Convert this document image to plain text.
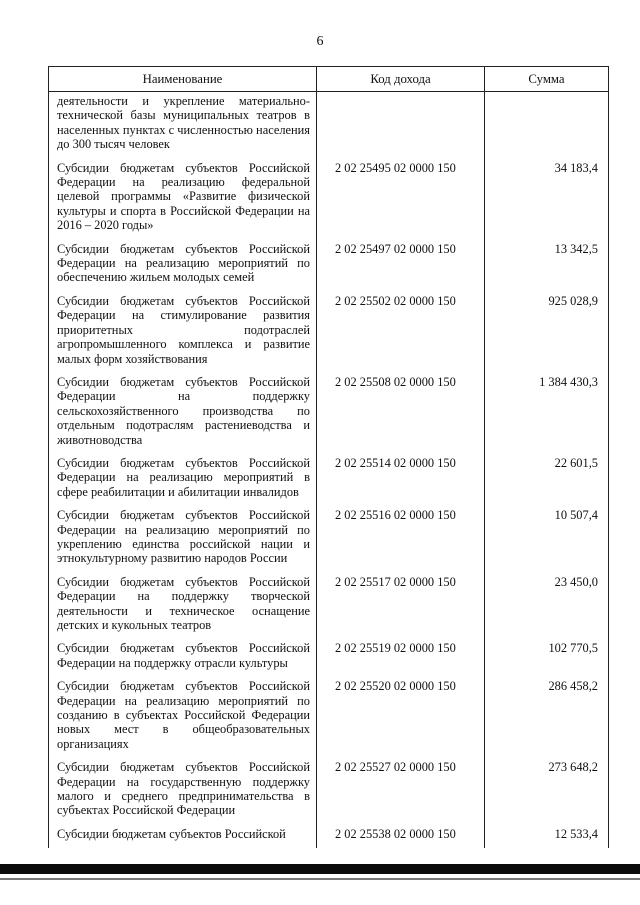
6
Наименование	Код дохода	Сумма
деятельности и укрепление материально-технической базы муниципальных театров в населенных пунктах с численностью населения до 300 тысяч человек		
Субсидии бюджетам субъектов Российской Федерации на реализацию федеральной целевой программы «Развитие физической культуры и спорта в Российской Федерации на 2016 – 2020 годы»	2 02 25495 02 0000 150	34 183,4
Субсидии бюджетам субъектов Российской Федерации на реализацию мероприятий по обеспечению жильем молодых семей	2 02 25497 02 0000 150	13 342,5
Субсидии бюджетам субъектов Российской Федерации на стимулирование развития приоритетных подотраслей агропромышленного комплекса и развитие малых форм хозяйствования	2 02 25502 02 0000 150	925 028,9
Субсидии бюджетам субъектов Российской Федерации на поддержку сельскохозяйственного производства по отдельным подотраслям растениеводства и животноводства	2 02 25508 02 0000 150	1 384 430,3
Субсидии бюджетам субъектов Российской Федерации на реализацию мероприятий в сфере реабилитации и абилитации инвалидов	2 02 25514 02 0000 150	22 601,5
Субсидии бюджетам субъектов Российской Федерации на реализацию мероприятий по укреплению единства российской нации и этнокультурному развитию народов России	2 02 25516 02 0000 150	10 507,4
Субсидии бюджетам субъектов Российской Федерации на поддержку творческой деятельности и техническое оснащение детских и кукольных театров	2 02 25517 02 0000 150	23 450,0
Субсидии бюджетам субъектов Российской Федерации на поддержку отрасли культуры	2 02 25519 02 0000 150	102 770,5
Субсидии бюджетам субъектов Российской Федерации на реализацию мероприятий по созданию в субъектах Российской Федерации новых мест в общеобразовательных организациях	2 02 25520 02 0000 150	286 458,2
Субсидии бюджетам субъектов Российской Федерации на государственную поддержку малого и среднего предпринимательства в субъектах Российской Федерации	2 02 25527 02 0000 150	273 648,2
Субсидии бюджетам субъектов Российской	2 02 25538 02 0000 150	12 533,4
